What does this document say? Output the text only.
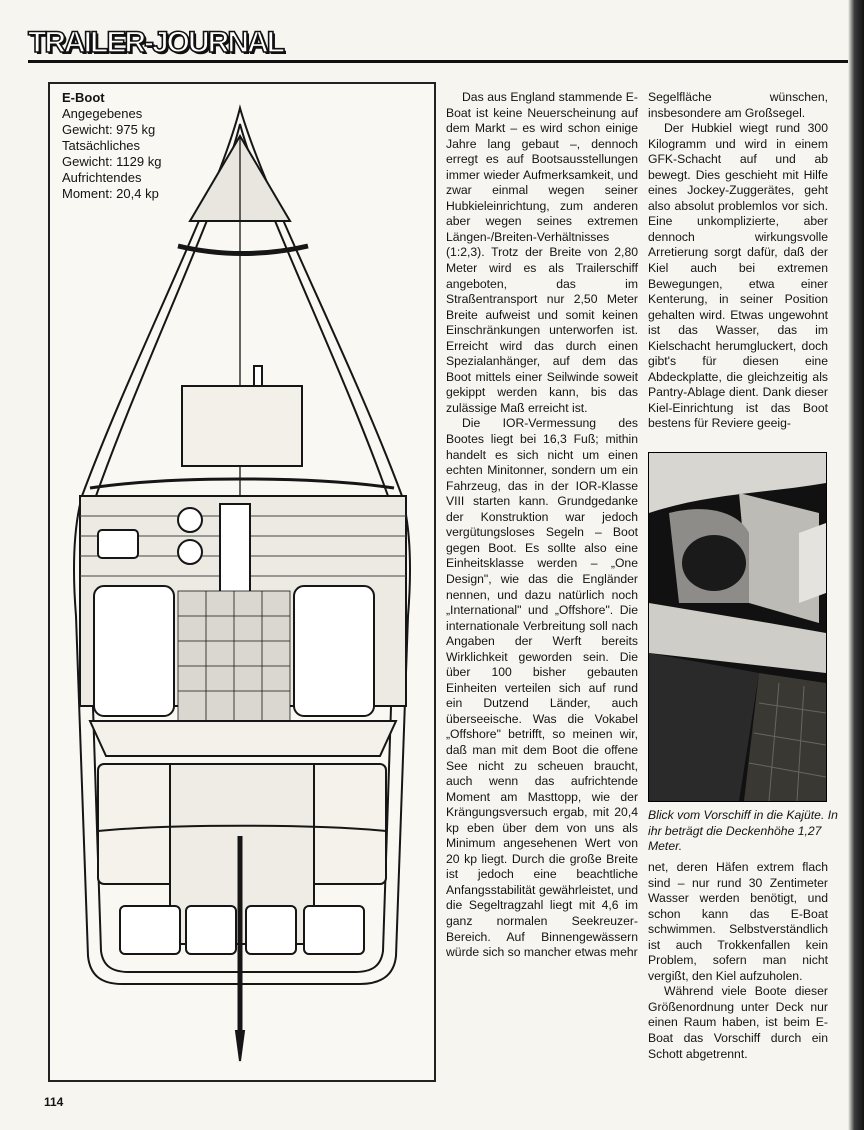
TRAILER-JOURNAL
E-Boot
Angegebenes
Gewicht: 975 kg
Tatsächliches
Gewicht: 1129 kg
Aufrichtendes
Moment: 20,4 kp

Das aus England stammende E-Boat ist keine Neuerscheinung auf dem Markt – es wird schon einige Jahre lang gebaut –, dennoch erregt es auf Bootsausstellungen immer wieder Aufmerksamkeit, und zwar einmal wegen seiner Hubkieleinrichtung, zum anderen aber wegen seines extremen Längen-/Breiten-Verhältnisses (1:2,3). Trotz der Breite von 2,80 Meter wird es als Trailerschiff angeboten, das im Straßentransport nur 2,50 Meter Breite aufweist und somit keinen Einschränkungen unterworfen ist. Erreicht wird das durch einen Spezialanhänger, auf dem das Boot mittels einer Seilwinde soweit gekippt werden kann, bis das zulässige Maß erreicht ist.

Die IOR-Vermessung des Bootes liegt bei 16,3 Fuß; mithin handelt es sich nicht um einen echten Minitonner, sondern um ein Fahrzeug, das in der IOR-Klasse VIII starten kann. Grundgedanke der Konstruktion war jedoch vergütungsloses Segeln – Boot gegen Boot. Es sollte also eine Einheitsklasse werden – „One Design", wie das die Engländer nennen, und dazu natürlich noch „International" und „Offshore". Die internationale Verbreitung soll nach Angaben der Werft bereits Wirklichkeit geworden sein. Die über 100 bisher gebauten Einheiten verteilen sich auf rund ein Dutzend Länder, auch überseeische. Was die Vokabel „Offshore" betrifft, so meinen wir, daß man mit dem Boot die offene See nicht zu scheuen braucht, auch wenn das aufrichtende Moment am Masttopp, wie der Krängungsversuch ergab, mit 20,4 kp eben über dem von uns als Minimum angesehenen Wert von 20 kp liegt. Durch die große Breite ist jedoch eine beachtliche Anfangsstabilität gewährleistet, und die Segeltragzahl liegt mit 4,6 im ganz normalen Seekreuzer-Bereich. Auf Binnengewässern würde sich so mancher etwas mehr

Segelfläche wünschen, insbesondere am Großsegel.

Der Hubkiel wiegt rund 300 Kilogramm und wird in einem GFK-Schacht auf und ab bewegt. Dies geschieht mit Hilfe eines Jockey-Zuggerätes, geht also absolut problemlos vor sich. Eine unkomplizierte, aber dennoch wirkungsvolle Arretierung sorgt dafür, daß der Kiel auch bei extremen Bewegungen, etwa einer Kenterung, in seiner Position gehalten wird. Etwas ungewohnt ist das Wasser, das im Kielschacht herumgluckert, doch gibt's für diesen eine Abdeckplatte, die gleichzeitig als Pantry-Ablage dient. Dank dieser Kiel-Einrichtung ist das Boot bestens für Reviere geeig-

Blick vom Vorschiff in die Kajüte. In ihr beträgt die Deckenhöhe 1,27 Meter.

net, deren Häfen extrem flach sind – nur rund 30 Zentimeter Wasser werden benötigt, und schon kann das E-Boat schwimmen. Selbstverständlich ist auch Trokkenfallen kein Problem, sofern man nicht vergißt, den Kiel aufzuholen.

Während viele Boote dieser Größenordnung unter Deck nur einen Raum haben, ist beim E-Boat das Vorschiff durch ein Schott abgetrennt.

114
